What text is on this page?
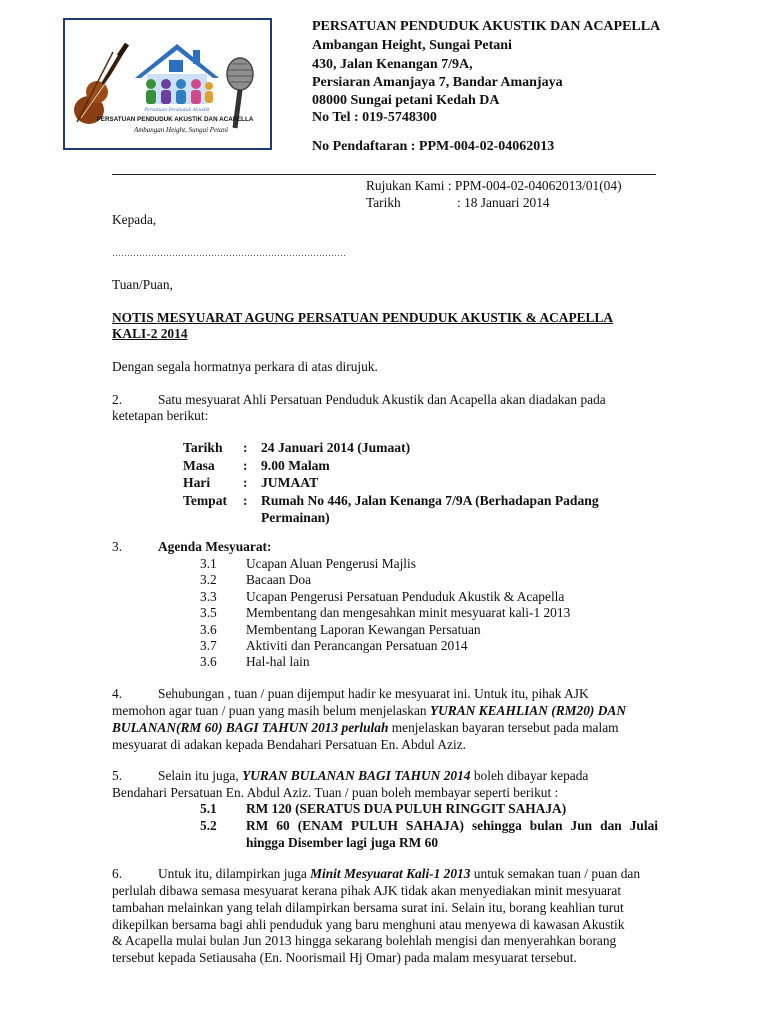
Persatuan Penduduk Akustik
PERSATUAN PENDUDUK AKUSTIK DAN ACAPELLA
Ambangan Height, Sungai Petani
PERSATUAN PENDUDUK AKUSTIK DAN ACAPELLA
Ambangan Height, Sungai Petani
430, Jalan Kenangan 7/9A,
Persiaran Amanjaya 7, Bandar Amanjaya
08000 Sungai petani Kedah DA
No Tel : 019-5748300
No Pendaftaran : PPM-004-02-04062013
Rujukan Kami : PPM-004-02-04062013/01(04)
Tarikh	: 18 Januari 2014
Kepada,
……………………………………………………………………
Tuan/Puan,
NOTIS MESYUARAT AGUNG PERSATUAN PENDUDUK AKUSTIK & ACAPELLA
KALI-2 2014
Dengan segala hormatnya perkara di atas dirujuk.
2.	Satu mesyuarat Ahli Persatuan Penduduk Akustik dan Acapella akan diadakan pada
ketetapan berikut:
Tarikh	:	24 Januari 2014 (Jumaat)
Masa	:	9.00 Malam
Hari	:	JUMAAT
Tempat	:	Rumah No 446, Jalan Kenanga 7/9A (Berhadapan Padang
Permainan)
3.	Agenda Mesyuarat:
3.1	Ucapan Aluan Pengerusi Majlis
3.2	Bacaan Doa
3.3	Ucapan Pengerusi Persatuan Penduduk Akustik & Acapella
3.5	Membentang dan mengesahkan minit mesyuarat kali-1 2013
3.6	Membentang Laporan Kewangan Persatuan
3.7	Aktiviti dan Perancangan Persatuan 2014
3.6	Hal-hal lain
4.	Sehubungan , tuan / puan dijemput hadir ke mesyuarat ini. Untuk itu, pihak AJK
memohon agar tuan / puan yang masih belum menjelaskan YURAN KEAHLIAN (RM20) DAN
BULANAN(RM 60) BAGI TAHUN 2013 perlulah menjelaskan bayaran tersebut pada malam
mesyuarat di adakan kepada Bendahari Persatuan En. Abdul Aziz.
5.	Selain itu juga, YURAN BULANAN BAGI TAHUN 2014 boleh dibayar kepada
Bendahari Persatuan En. Abdul Aziz. Tuan / puan boleh membayar seperti berikut :
5.1 RM 120 (SERATUS DUA PULUH RINGGIT SAHAJA)
5.2 RM 60 (ENAM PULUH SAHAJA) sehingga bulan Jun dan Julai
hingga Disember lagi juga RM 60
6.	Untuk itu, dilampirkan juga Minit Mesyuarat Kali-1 2013 untuk semakan tuan / puan dan
perlulah dibawa semasa mesyuarat kerana pihak AJK tidak akan menyediakan minit mesyuarat
tambahan melainkan yang telah dilampirkan bersama surat ini. Selain itu, borang keahlian turut
dikepilkan bersama bagi ahli penduduk yang baru menghuni atau menyewa di kawasan Akustik
& Acapella mulai bulan Jun 2013 hingga sekarang bolehlah mengisi dan menyerahkan borang
tersebut kepada Setiausaha (En. Noorismail Hj Omar) pada malam mesyuarat tersebut.
